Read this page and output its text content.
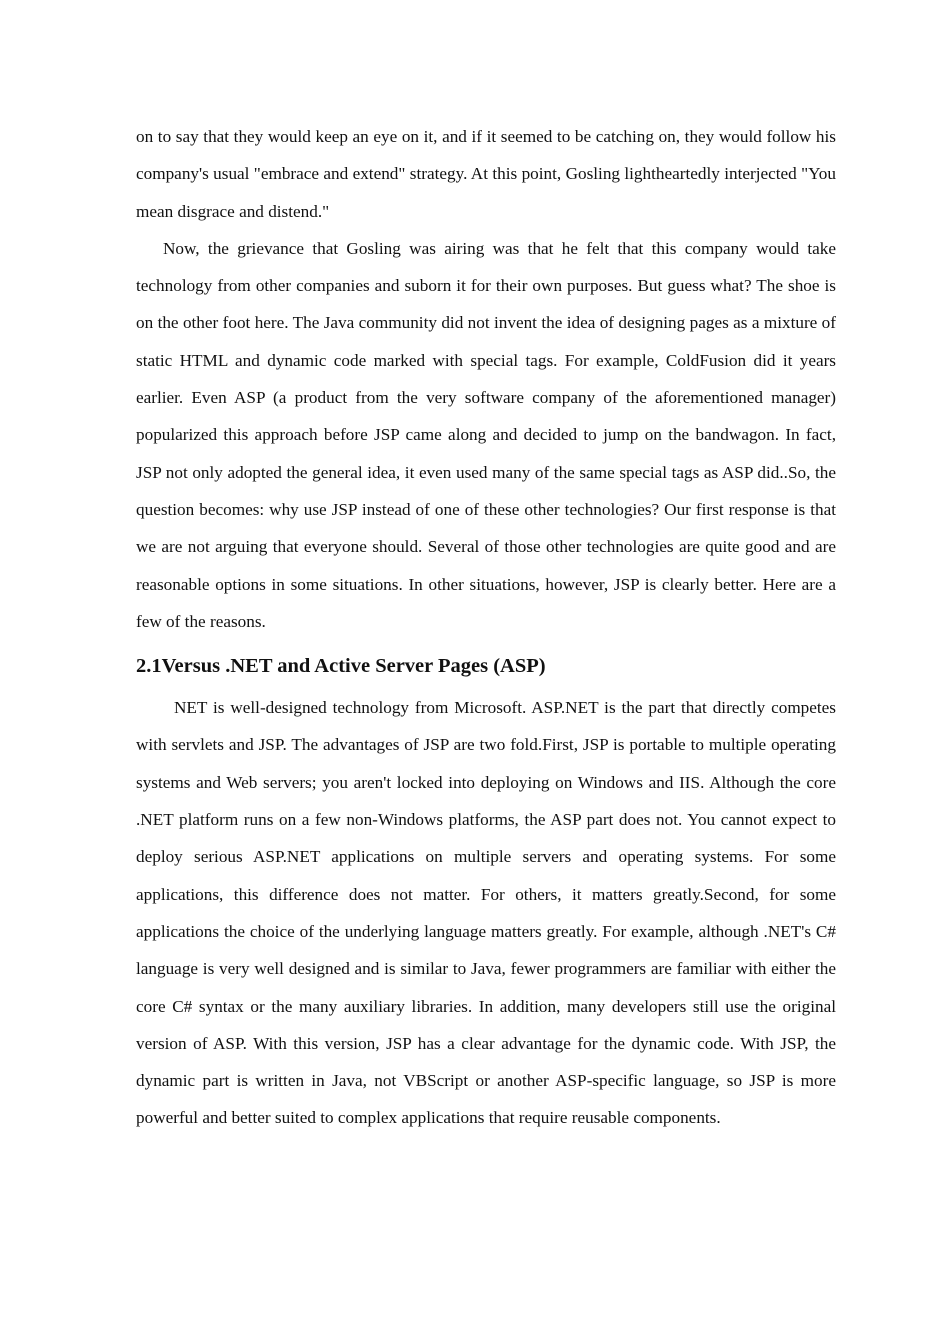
on to say that they would keep an eye on it, and if it seemed to be catching on, they would follow his company's usual "embrace and extend" strategy. At this point, Gosling lightheartedly interjected "You mean disgrace and distend."

Now, the grievance that Gosling was airing was that he felt that this company would take technology from other companies and suborn it for their own purposes. But guess what? The shoe is on the other foot here. The Java community did not invent the idea of designing pages as a mixture of static HTML and dynamic code marked with special tags. For example, ColdFusion did it years earlier. Even ASP (a product from the very software company of the aforementioned manager) popularized this approach before JSP came along and decided to jump on the bandwagon. In fact, JSP not only adopted the general idea, it even used many of the same special tags as ASP did..So, the question becomes: why use JSP instead of one of these other technologies? Our first response is that we are not arguing that everyone should. Several of those other technologies are quite good and are reasonable options in some situations. In other situations, however, JSP is clearly better. Here are a few of the reasons.

2.1Versus .NET and Active Server Pages (ASP)

NET is well-designed technology from Microsoft. ASP.NET is the part that directly competes with servlets and JSP. The advantages of JSP are two fold.First, JSP is portable to multiple operating systems and Web servers; you aren't locked into deploying on Windows and IIS. Although the core .NET platform runs on a few non-Windows platforms, the ASP part does not. You cannot expect to deploy serious ASP.NET applications on multiple servers and operating systems. For some applications, this difference does not matter. For others, it matters greatly.Second, for some applications the choice of the underlying language matters greatly. For example, although .NET's C# language is very well designed and is similar to Java, fewer programmers are familiar with either the core C# syntax or the many auxiliary libraries. In addition, many developers still use the original version of ASP. With this version, JSP has a clear advantage for the dynamic code. With JSP, the dynamic part is written in Java, not VBScript or another ASP-specific language, so JSP is more powerful and better suited to complex applications that require reusable components.
